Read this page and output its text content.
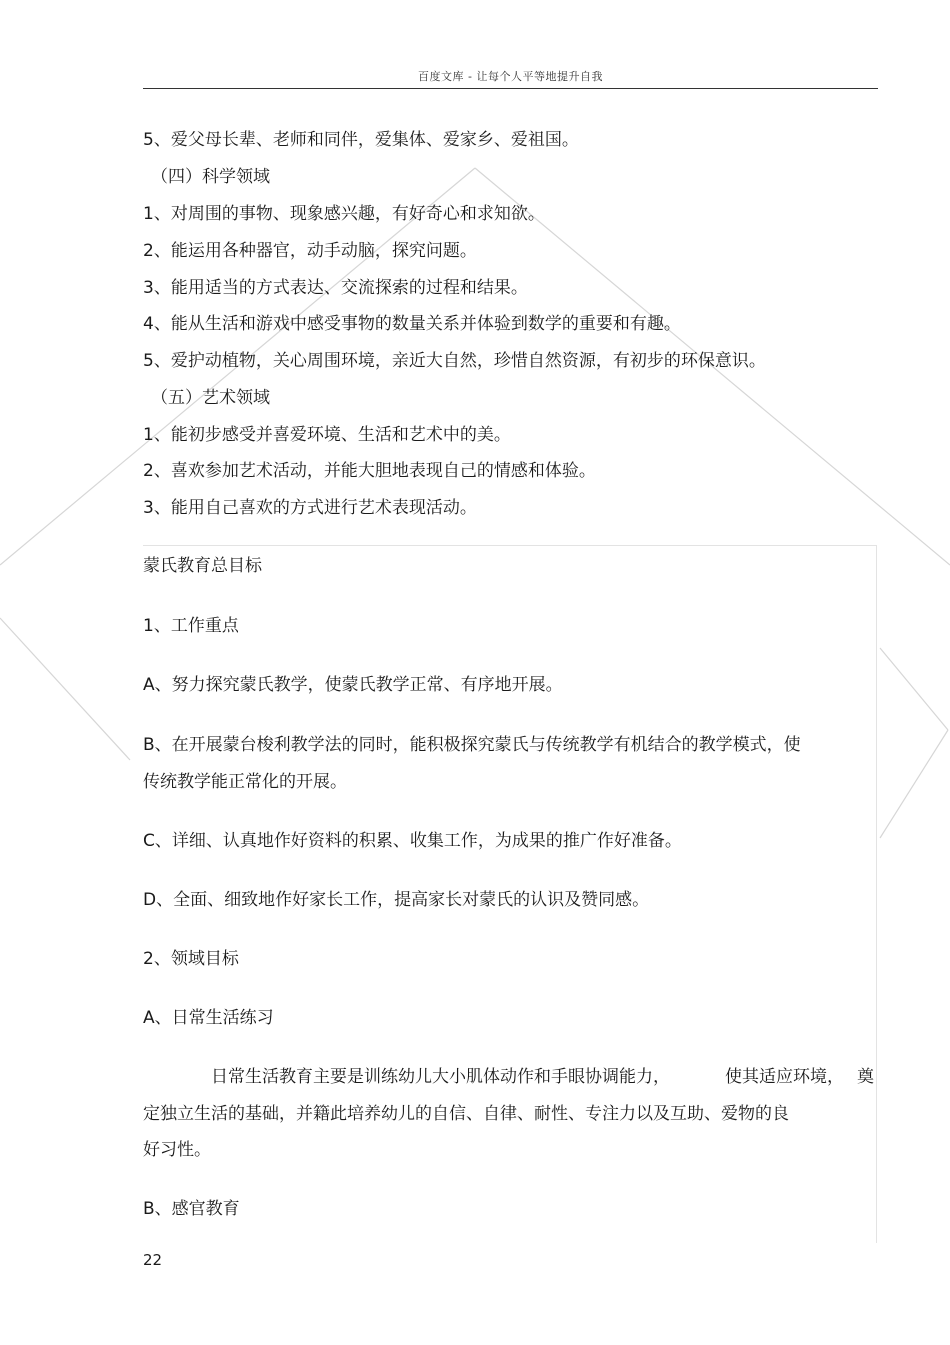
百度文库 - 让每个人平等地提升自我
5、爱父母长辈、老师和同伴，爱集体、爱家乡、爱祖国。
（四）科学领域
1、对周围的事物、现象感兴趣，有好奇心和求知欲。
2、能运用各种器官，动手动脑，探究问题。
3、能用适当的方式表达、交流探索的过程和结果。
4、能从生活和游戏中感受事物的数量关系并体验到数学的重要和有趣。
5、爱护动植物，关心周围环境，亲近大自然，珍惜自然资源，有初步的环保意识。
（五）艺术领域
1、能初步感受并喜爱环境、生活和艺术中的美。
2、喜欢参加艺术活动，并能大胆地表现自己的情感和体验。
3、能用自己喜欢的方式进行艺术表现活动。
蒙氏教育总目标
1、工作重点
A、努力探究蒙氏教学，使蒙氏教学正常、有序地开展。
B、在开展蒙台梭利教学法的同时，能积极探究蒙氏与传统教学有机结合的教学模式，使
传统教学能正常化的开展。
C、详细、认真地作好资料的积累、收集工作，为成果的推广作好准备。
D、全面、细致地作好家长工作，提高家长对蒙氏的认识及赞同感。
2、领域目标
A、日常生活练习
日常生活教育主要是训练幼儿大小肌体动作和手眼协调能力，	使其适应环境， 奠
定独立生活的基础，并籍此培养幼儿的自信、自律、耐性、专注力以及互助、爱物的良
好习性。
B、感官教育
22
